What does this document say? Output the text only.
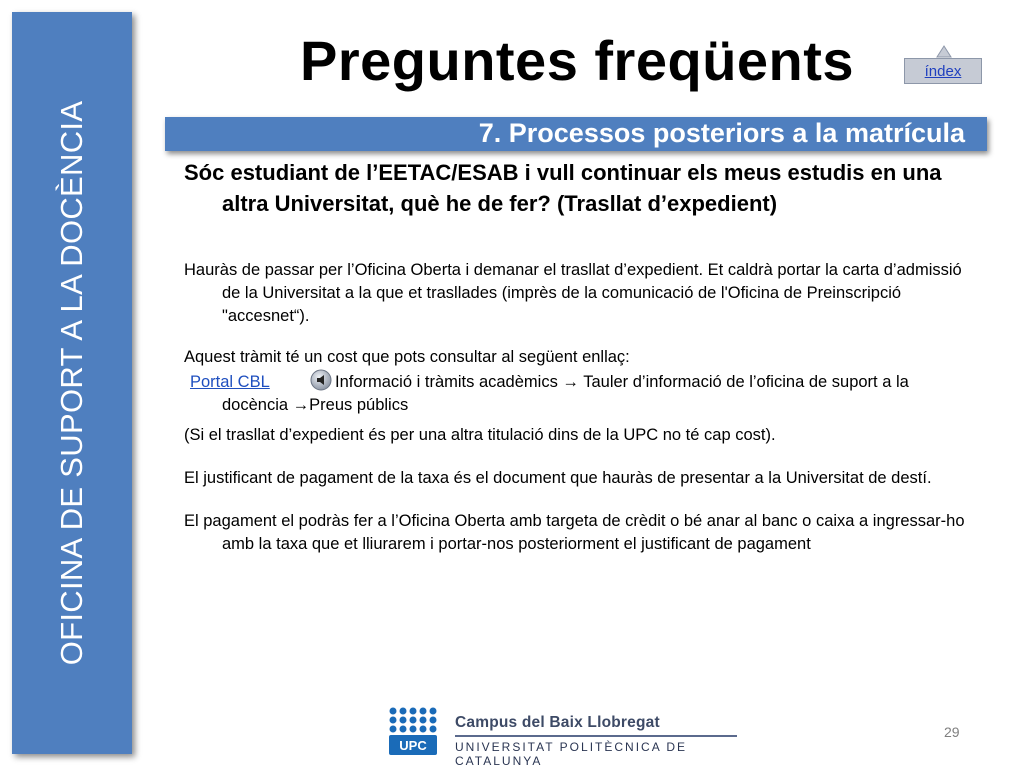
OFICINA DE SUPORT A LA DOCÈNCIA
Preguntes freqüents	índex
7. Processos posteriors a la matrícula

Sóc estudiant de l’EETAC/ESAB i vull continuar els meus estudis en una altra Universitat, què he de fer? (Trasllat d’expedient)

Hauràs de passar per l’Oficina Oberta i demanar el trasllat d’expedient. Et caldrà portar la carta d’admissió de la Universitat a la que et trasllades (imprès de la comunicació de l'Oficina de Preinscripció "accesnet“).

Aquest tràmit té un cost que pots consultar al següent enllaç:

Portal CBL	Informació i tràmits acadèmics → Tauler d’informació de l’oficina de suport a la docència →Preus públics

(Si el trasllat d’expedient és per una altra titulació dins de la UPC no té cap cost).

El justificant de pagament de la taxa és el document que hauràs de presentar a la Universitat de destí.

El pagament el podràs fer a l’Oficina Oberta amb targeta de crèdit o bé anar al banc o caixa a ingressar-ho amb la taxa que et lliurarem i portar-nos posteriorment el justificant de pagament

UPC
Campus del Baix Llobregat
UNIVERSITAT POLITÈCNICA DE CATALUNYA
29
